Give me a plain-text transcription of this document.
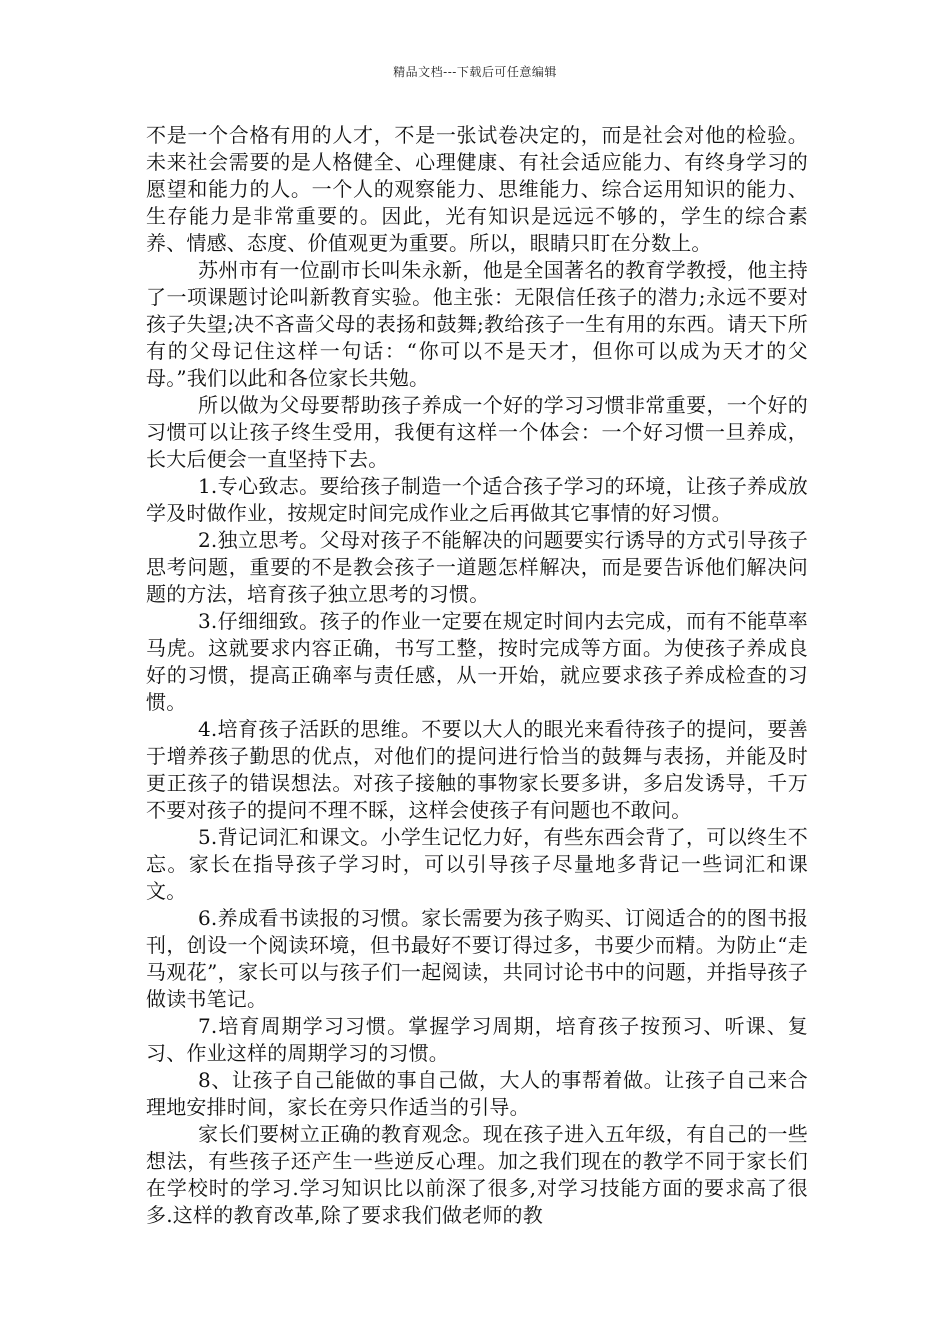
精品文档---下载后可任意编辑

不是一个合格有用的人才，不是一张试卷决定的，而是社会对他的检验。未来社会需要的是人格健全、心理健康、有社会适应能力、有终身学习的愿望和能力的人。一个人的观察能力、思维能力、综合运用知识的能力、生存能力是非常重要的。因此，光有知识是远远不够的，学生的综合素养、情感、态度、价值观更为重要。所以，眼睛只盯在分数上。

苏州市有一位副市长叫朱永新，他是全国著名的教育学教授，他主持了一项课题讨论叫新教育实验。他主张：无限信任孩子的潜力;永远不要对孩子失望;决不吝啬父母的表扬和鼓舞;教给孩子一生有用的东西。请天下所有的父母记住这样一句话：“你可以不是天才，但你可以成为天才的父母。”我们以此和各位家长共勉。

所以做为父母要帮助孩子养成一个好的学习习惯非常重要，一个好的习惯可以让孩子终生受用，我便有这样一个体会：一个好习惯一旦养成，长大后便会一直坚持下去。

1.专心致志。要给孩子制造一个适合孩子学习的环境，让孩子养成放学及时做作业，按规定时间完成作业之后再做其它事情的好习惯。

2.独立思考。父母对孩子不能解决的问题要实行诱导的方式引导孩子思考问题，重要的不是教会孩子一道题怎样解决，而是要告诉他们解决问题的方法，培育孩子独立思考的习惯。

3.仔细细致。孩子的作业一定要在规定时间内去完成，而有不能草率马虎。这就要求内容正确，书写工整，按时完成等方面。为使孩子养成良好的习惯，提高正确率与责任感，从一开始，就应要求孩子养成检查的习惯。

4.培育孩子活跃的思维。不要以大人的眼光来看待孩子的提问，要善于增养孩子勤思的优点，对他们的提问进行恰当的鼓舞与表扬，并能及时更正孩子的错误想法。对孩子接触的事物家长要多讲，多启发诱导，千万不要对孩子的提问不理不睬，这样会使孩子有问题也不敢问。

5.背记词汇和课文。小学生记忆力好，有些东西会背了，可以终生不忘。家长在指导孩子学习时，可以引导孩子尽量地多背记一些词汇和课文。

6.养成看书读报的习惯。家长需要为孩子购买、订阅适合的的图书报刊，创设一个阅读环境，但书最好不要订得过多，书要少而精。为防止“走马观花”，家长可以与孩子们一起阅读，共同讨论书中的问题，并指导孩子做读书笔记。

7.培育周期学习习惯。掌握学习周期，培育孩子按预习、听课、复习、作业这样的周期学习的习惯。

8、让孩子自己能做的事自己做，大人的事帮着做。让孩子自己来合理地安排时间，家长在旁只作适当的引导。

家长们要树立正确的教育观念。现在孩子进入五年级，有自己的一些想法，有些孩子还产生一些逆反心理。加之我们现在的教学不同于家长们在学校时的学习.学习知识比以前深了很多,对学习技能方面的要求高了很多.这样的教育改革,除了要求我们做老师的教
